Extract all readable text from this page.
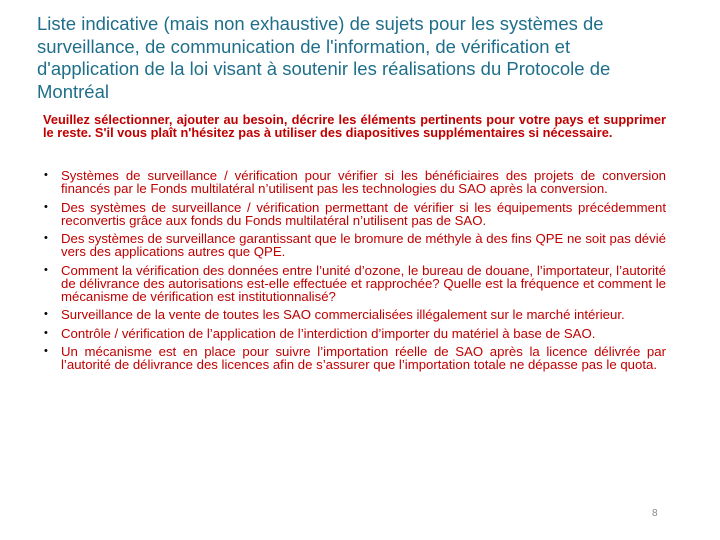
Liste indicative (mais non exhaustive) de sujets pour les systèmes de surveillance, de communication de l'information, de vérification et d'application de la loi visant à soutenir les réalisations du Protocole de Montréal

Veuillez sélectionner, ajouter au besoin, décrire les éléments pertinents pour votre pays et supprimer le reste. S'il vous plaît n'hésitez pas à utiliser des diapositives supplémentaires si nécessaire.

• Systèmes de surveillance / vérification pour vérifier si les bénéficiaires des projets de conversion financés par le Fonds multilatéral n’utilisent pas les technologies du SAO après la conversion.
• Des systèmes de surveillance / vérification permettant de vérifier si les équipements précédemment reconvertis grâce aux fonds du Fonds multilatéral n’utilisent pas de SAO.
• Des systèmes de surveillance garantissant que le bromure de méthyle à des fins QPE ne soit pas dévié vers des applications autres que QPE.
• Comment la vérification des données entre l’unité d’ozone, le bureau de douane, l’importateur, l’autorité de délivrance des autorisations est-elle effectuée et rapprochée? Quelle est la fréquence et comment le mécanisme de vérification est institutionnalisé?
• Surveillance de la vente de toutes les SAO commercialisées illégalement sur le marché intérieur.
• Contrôle / vérification de l’application de l’interdiction d’importer du matériel à base de SAO.
• Un mécanisme est en place pour suivre l’importation réelle de SAO après la licence délivrée par l’autorité de délivrance des licences afin de s’assurer que l’importation totale ne dépasse pas le quota.
8
